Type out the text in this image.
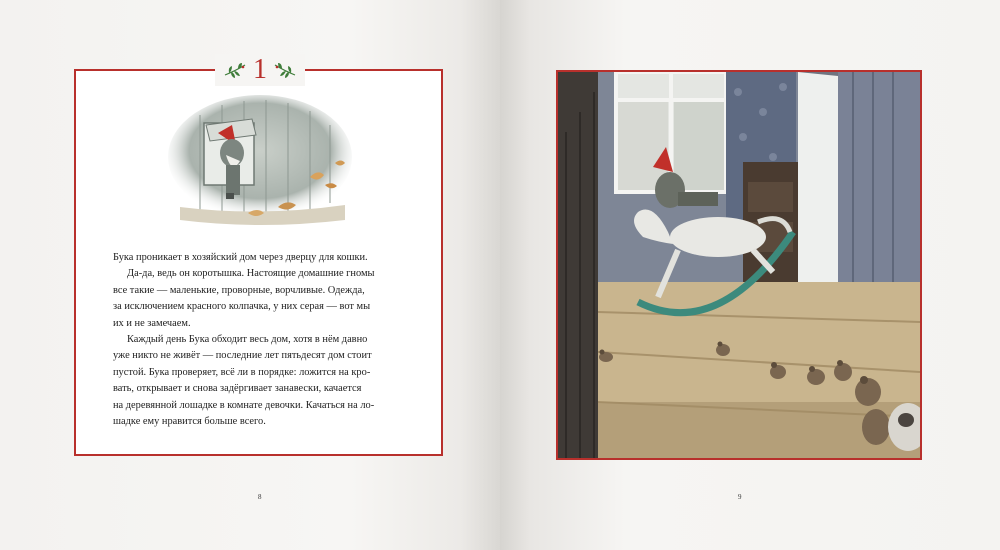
1

Бука проникает в хозяйский дом через дверцу для кошки.

Да-да, ведь он коротышка. Настоящие домашние гномы
все такие — маленькие, проворные, ворчливые. Одежда,
за исключением красного колпачка, у них серая — вот мы
их и не замечаем.

Каждый день Бука обходит весь дом, хотя в нём давно
уже никто не живёт — последние лет пятьдесят дом стоит
пустой. Бука проверяет, всё ли в порядке: ложится на кро-
вать, открывает и снова задёргивает занавески, качается
на деревянной лошадке в комнате девочки. Качаться на ло-
шадке ему нравится больше всего.

8	9
